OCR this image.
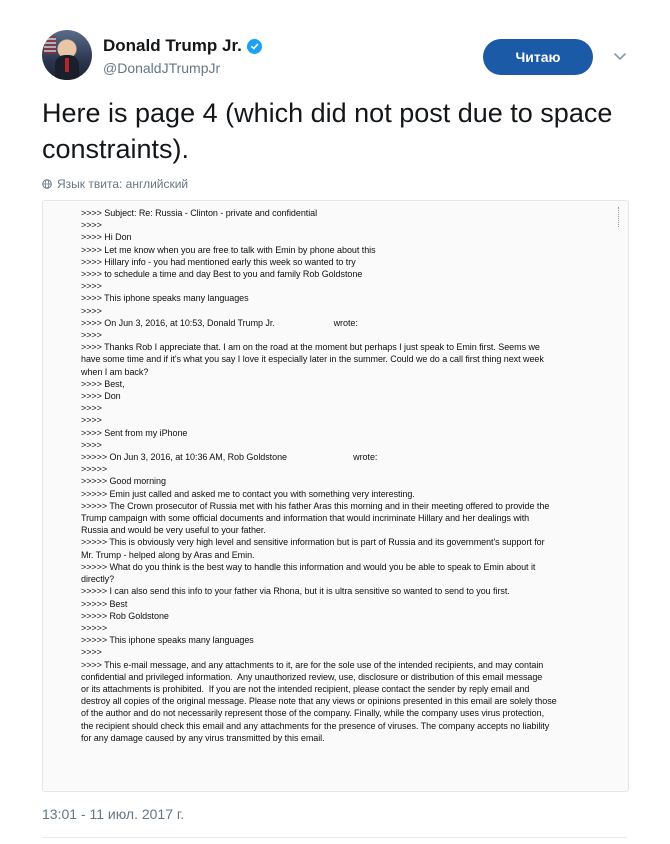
Donald Trump Jr.
@DonaldJTrumpJr
Читаю
Here is page 4 (which did not post due to space constraints).
Язык твита: английский
>>>> Subject: Re: Russia - Clinton - private and confidential
>>>>
>>>> Hi Don
>>>> Let me know when you are free to talk with Emin by phone about this
>>>> Hillary info - you had mentioned early this week so wanted to try
>>>> to schedule a time and day Best to you and family Rob Goldstone
>>>>
>>>> This iphone speaks many languages
>>>>
>>>> On Jun 3, 2016, at 10:53, Donald Trump Jr.                        wrote:
>>>>
>>>> Thanks Rob I appreciate that. I am on the road at the moment but perhaps I just speak to Emin first. Seems we
have some time and if it's what you say I love it especially later in the summer. Could we do a call first thing next week
when I am back?
>>>> Best,
>>>> Don
>>>>
>>>>
>>>> Sent from my iPhone
>>>>
>>>>> On Jun 3, 2016, at 10:36 AM, Rob Goldstone                           wrote:
>>>>>
>>>>> Good morning
>>>>> Emin just called and asked me to contact you with something very interesting.
>>>>> The Crown prosecutor of Russia met with his father Aras this morning and in their meeting offered to provide the
Trump campaign with some official documents and information that would incriminate Hillary and her dealings with
Russia and would be very useful to your father.
>>>>> This is obviously very high level and sensitive information but is part of Russia and its government's support for
Mr. Trump - helped along by Aras and Emin.
>>>>> What do you think is the best way to handle this information and would you be able to speak to Emin about it
directly?
>>>>> I can also send this info to your father via Rhona, but it is ultra sensitive so wanted to send to you first.
>>>>> Best
>>>>> Rob Goldstone
>>>>>
>>>>> This iphone speaks many languages
>>>>
>>>> This e-mail message, and any attachments to it, are for the sole use of the intended recipients, and may contain
confidential and privileged information.  Any unauthorized review, use, disclosure or distribution of this email message
or its attachments is prohibited.  If you are not the intended recipient, please contact the sender by reply email and
destroy all copies of the original message. Please note that any views or opinions presented in this email are solely those
of the author and do not necessarily represent those of the company. Finally, while the company uses virus protection,
the recipient should check this email and any attachments for the presence of viruses. The company accepts no liability
for any damage caused by any virus transmitted by this email.
13:01 - 11 июл. 2017 г.
